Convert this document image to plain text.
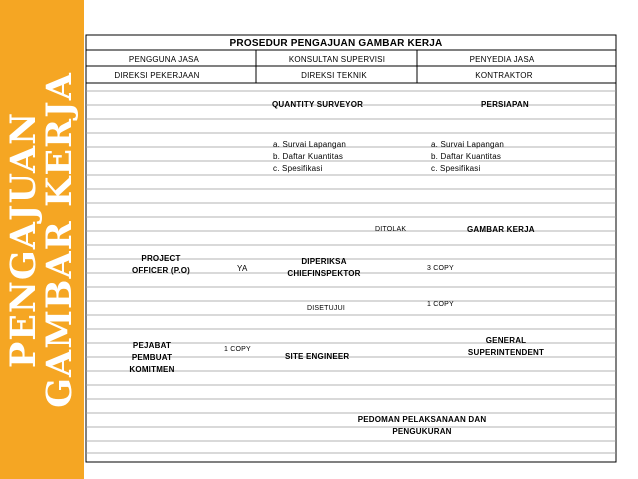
PENGAJUAN
GAMBAR KERJA
PROSEDUR PENGAJUAN GAMBAR KERJA
PENGGUNA JASA	KONSULTAN SUPERVISI	PENYEDIA JASA
DIREKSI PEKERJAAN	DIREKSI TEKNIK	KONTRAKTOR
QUANTITY SURVEYOR	PERSIAPAN
a. Survai Lapangan
b. Daftar Kuantitas
c. Spesifikasi
a. Survai Lapangan
b. Daftar Kuantitas
c. Spesifikasi
DITOLAK	GAMBAR KERJA
PROJECT
OFFICER (P.O)	YA
DIPERIKSA
CHIEFINSPEKTOR
3 COPY
DISETUJUI
1 COPY
PEJABAT
PEMBUAT
KOMITMEN
1 COPY
SITE ENGINEER
GENERAL
SUPERINTENDENT
PEDOMAN PELAKSANAAN DAN
PENGUKURAN
